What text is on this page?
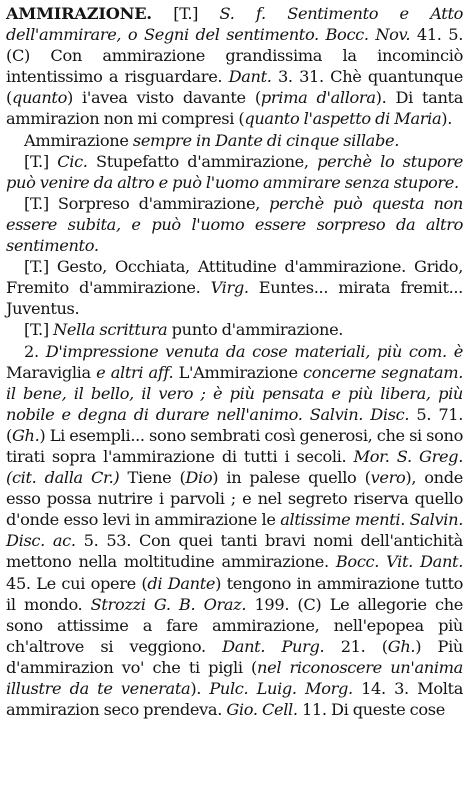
AMMIRAZIONE. [T.] S. f. Sentimento e Atto dell'ammirare, o Segni del sentimento. Bocc. Nov. 41. 5. (C) Con ammirazione grandissima la incominciò intentissimo a risguardare. Dant. 3. 31. Chè quantunque (quanto) i'avea visto davante (prima d'allora). Di tanta ammirazion non mi compresi (quanto l'aspetto di Maria).

Ammirazione sempre in Dante di cinque sillabe.

[T.] Cic. Stupefatto d'ammirazione, perchè lo stupore può venire da altro e può l'uomo ammirare senza stupore.

[T.] Sorpreso d'ammirazione, perchè può questa non essere subita, e può l'uomo essere sorpreso da altro sentimento.

[T.] Gesto, Occhiata, Attitudine d'ammirazione. Grido, Fremito d'ammirazione. Virg. Euntes... mirata fremit... Juventus.

[T.] Nella scrittura punto d'ammirazione.

2. D'impressione venuta da cose materiali, più com. è Maraviglia e altri aff. L'Ammirazione concerne segnatam. il bene, il bello, il vero ; è più pensata e più libera, più nobile e degna di durare nell'animo. Salvin. Disc. 5. 71. (Gh.) Li esempli... sono sembrati così generosi, che si sono tirati sopra l'ammirazione di tutti i secoli. Mor. S. Greg. (cit. dalla Cr.) Tiene (Dio) in palese quello (vero), onde esso possa nutrire i parvoli ; e nel segreto riserva quello d'onde esso levi in ammirazione le altissime menti. Salvin. Disc. ac. 5. 53. Con quei tanti bravi nomi dell'antichità mettono nella moltitudine ammirazione. Bocc. Vit. Dant. 45. Le cui opere (di Dante) tengono in ammirazione tutto il mondo. Strozzi G. B. Oraz. 199. (C) Le allegorie che sono attissime a fare ammirazione, nell'epopea più ch'altrove si veggiono. Dant. Purg. 21. (Gh.) Più d'ammirazion vo' che ti pigli (nel riconoscere un'anima illustre da te venerata). Pulc. Luig. Morg. 14. 3. Molta ammirazion seco prendeva. Gio. Cell. 11. Di queste cose
